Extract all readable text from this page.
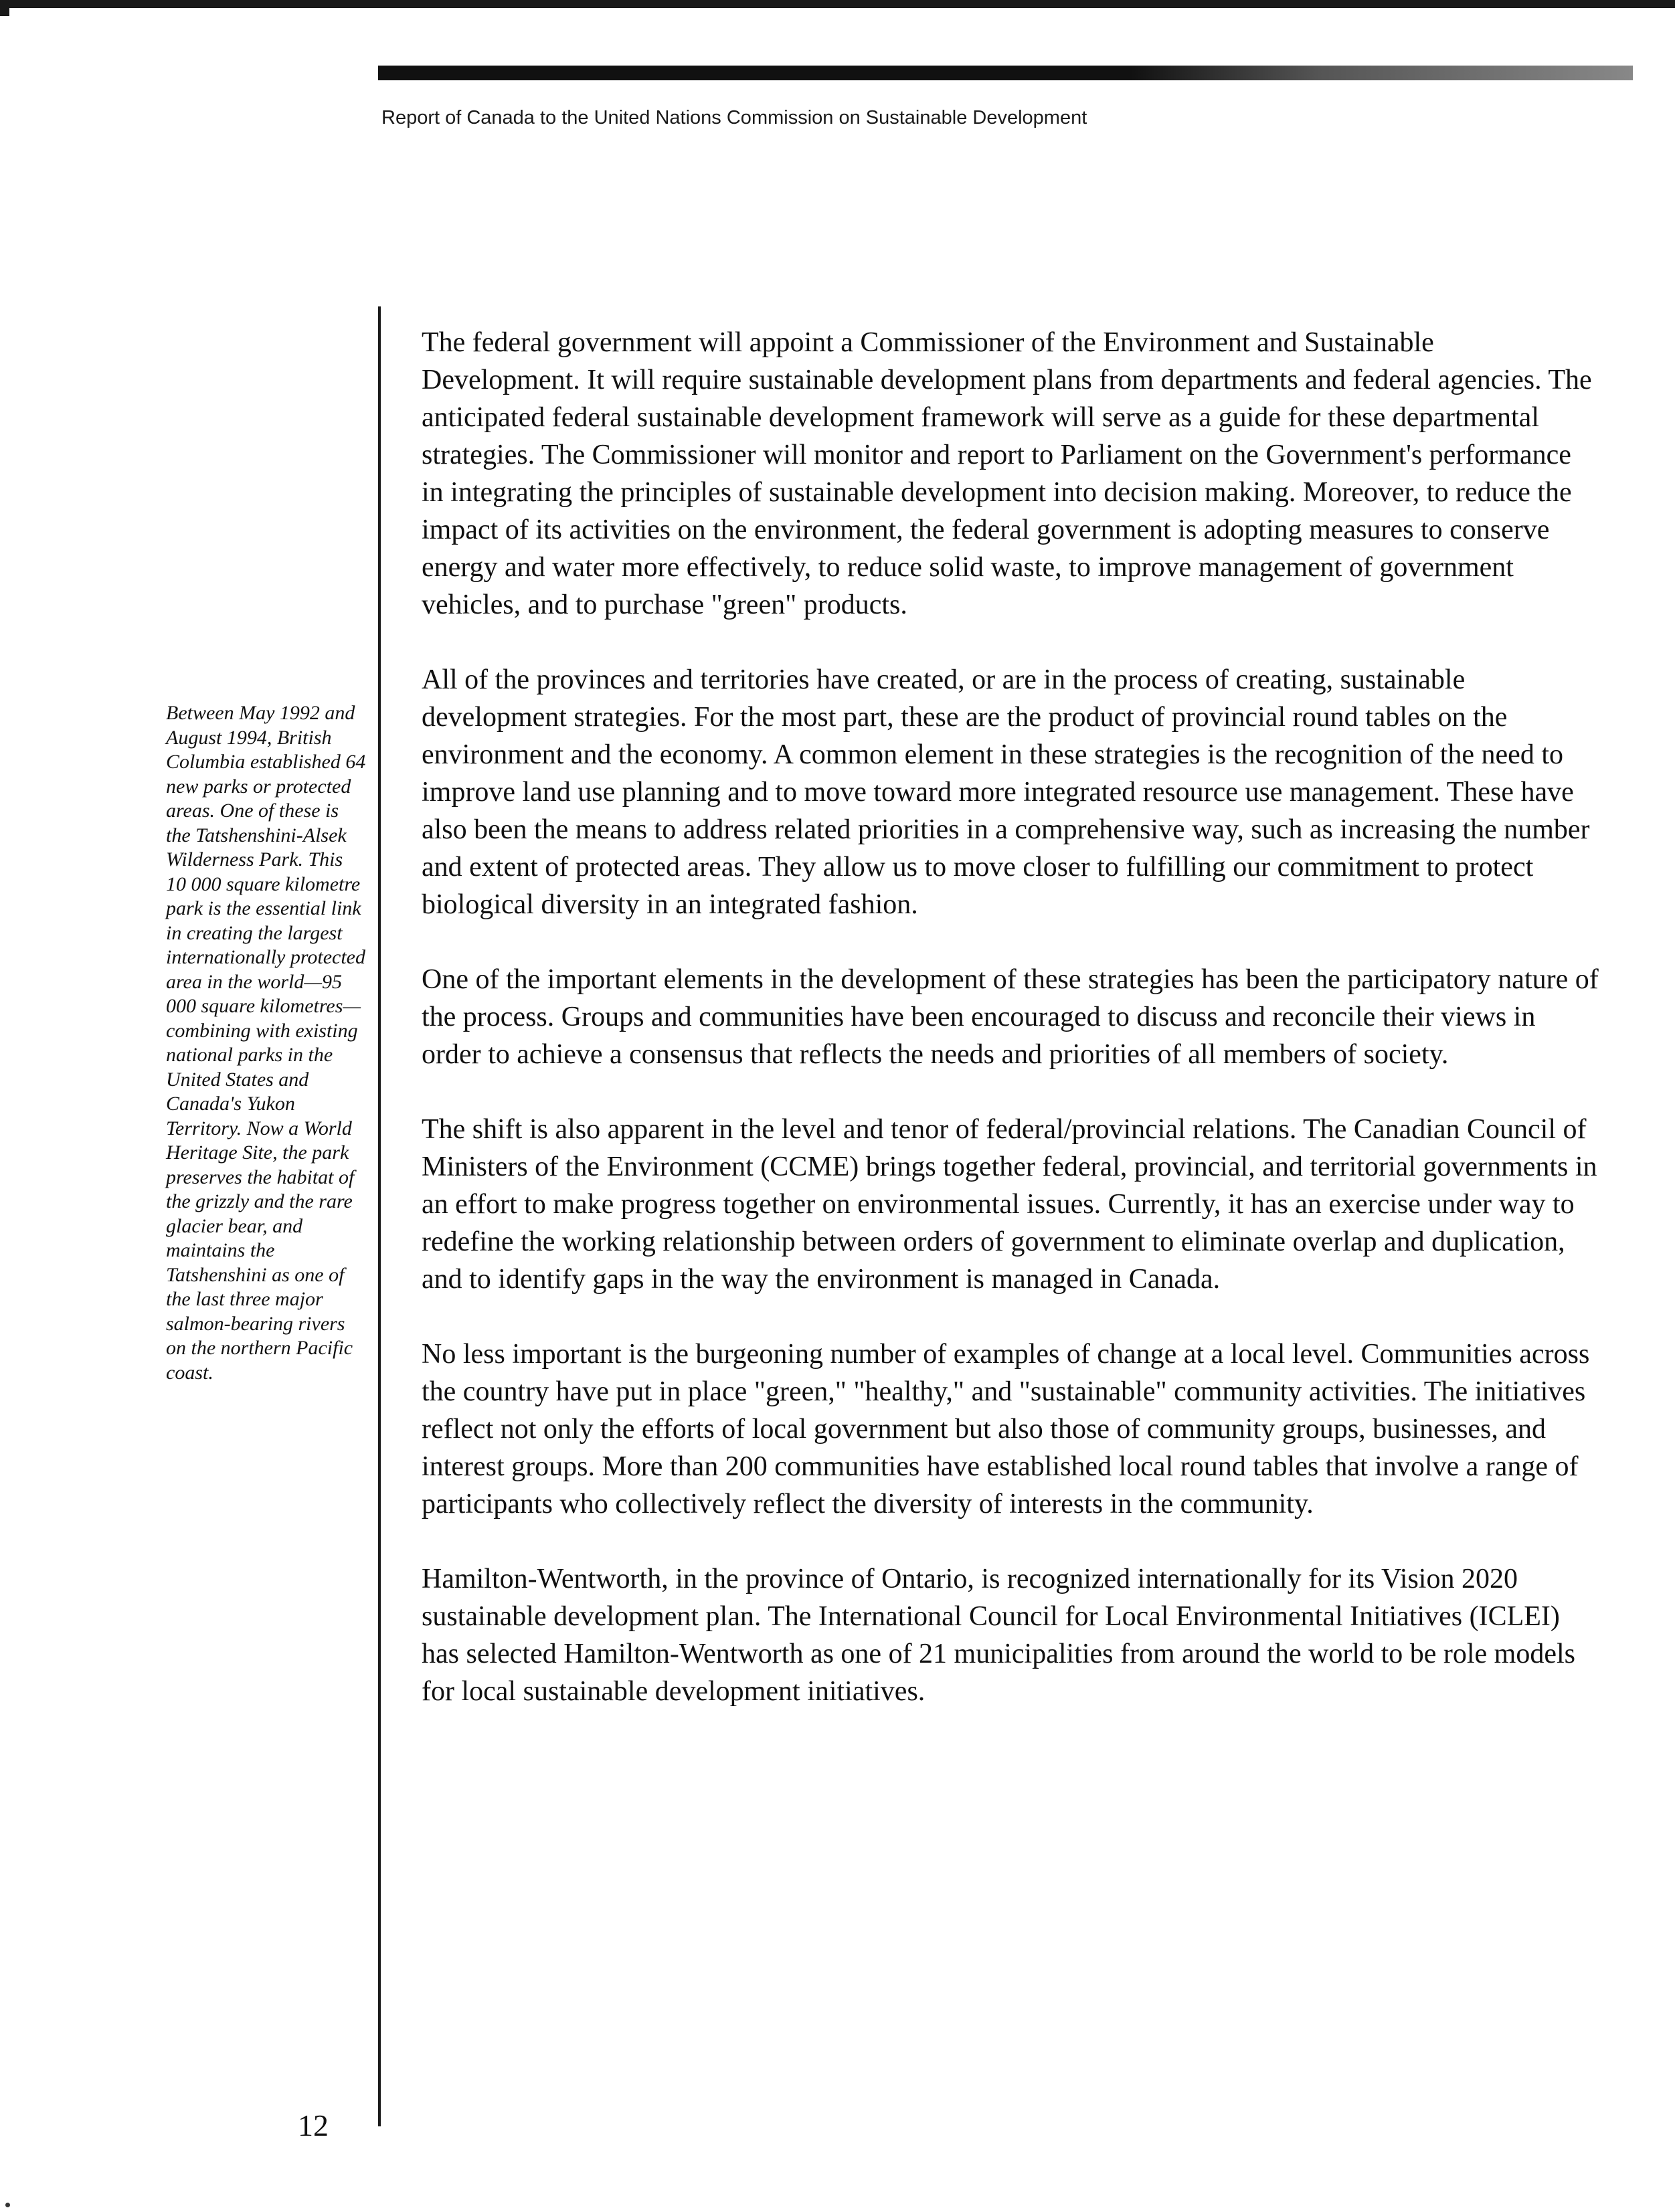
Report of Canada to the United Nations Commission on Sustainable Development
Between May 1992 and August 1994, British Columbia established 64 new parks or protected areas. One of these is the Tatshenshini-Alsek Wilderness Park. This 10 000 square kilometre park is the essential link in creating the largest internationally protected area in the world—95 000 square kilometres— combining with existing national parks in the United States and Canada's Yukon Territory. Now a World Heritage Site, the park preserves the habitat of the grizzly and the rare glacier bear, and maintains the Tatshenshini as one of the last three major salmon-bearing rivers on the northern Pacific coast.

The federal government will appoint a Commissioner of the Environment and Sustainable Development. It will require sustainable development plans from departments and federal agencies. The anticipated federal sustainable development framework will serve as a guide for these departmental strategies. The Commissioner will monitor and report to Parliament on the Government's performance in integrating the principles of sustainable development into decision making. Moreover, to reduce the impact of its activities on the environment, the federal government is adopting measures to conserve energy and water more effectively, to reduce solid waste, to improve management of government vehicles, and to purchase "green" products.

All of the provinces and territories have created, or are in the process of creating, sustainable development strategies. For the most part, these are the product of provincial round tables on the environment and the economy. A common element in these strategies is the recognition of the need to improve land use planning and to move toward more integrated resource use management. These have also been the means to address related priorities in a comprehensive way, such as increasing the number and extent of protected areas. They allow us to move closer to fulfilling our commitment to protect biological diversity in an integrated fashion.

One of the important elements in the development of these strategies has been the participatory nature of the process. Groups and communities have been encouraged to discuss and reconcile their views in order to achieve a consensus that reflects the needs and priorities of all members of society.

The shift is also apparent in the level and tenor of federal/provincial relations. The Canadian Council of Ministers of the Environment (CCME) brings together federal, provincial, and territorial governments in an effort to make progress together on environmental issues. Currently, it has an exercise under way to redefine the working relationship between orders of government to eliminate overlap and duplication, and to identify gaps in the way the environment is managed in Canada.

No less important is the burgeoning number of examples of change at a local level. Communities across the country have put in place "green," "healthy," and "sustainable" community activities. The initiatives reflect not only the efforts of local government but also those of community groups, businesses, and interest groups. More than 200 communities have established local round tables that involve a range of participants who collectively reflect the diversity of interests in the community.

Hamilton-Wentworth, in the province of Ontario, is recognized internationally for its Vision 2020 sustainable development plan. The International Council for Local Environmental Initiatives (ICLEI) has selected Hamilton-Wentworth as one of 21 municipalities from around the world to be role models for local sustainable development initiatives.

12
